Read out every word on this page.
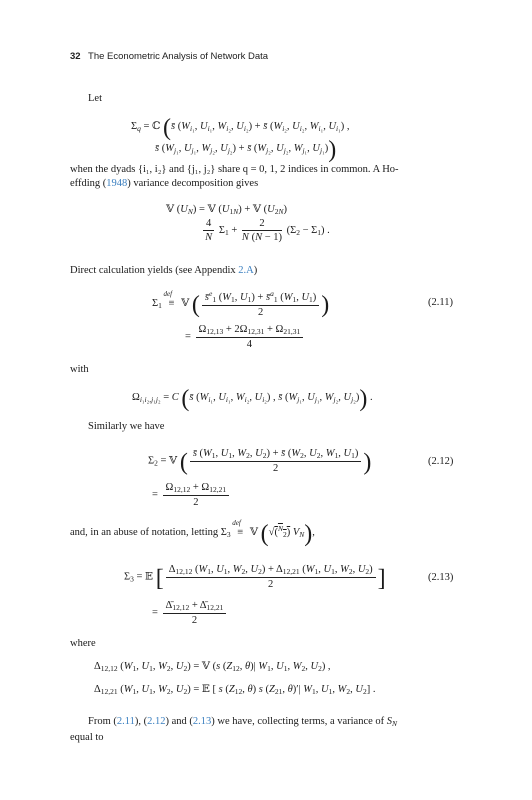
32 The Econometric Analysis of Network Data
Let
$\Sigma_q$ = ℂ (s̄ ($W_{i_1}$, $U_{i_1}$, $W_{i_2}$, $U_{i_2}$) + s̄ ($W_{i_2}$, $U_{i_2}$, $W_{i_1}$, $U_{i_1}$) ,
s̄ ($W_{j_1}$, $U_{j_1}$, $W_{j_2}$, $U_{j_2}$) + s̄ ($W_{j_2}$, $U_{j_2}$, $W_{j_1}$, $U_{j_1}$))
when the dyads {i₁, i₂} and {j₁, j₂} share q = 0, 1, 2 indices in common. A Ho-
effding (1948) variance decomposition gives
𝕍 $(U_N)$ = 𝕍 $(U_{1N})$ + 𝕍 $(U_{2N})$
$\frac{4}{N} \Sigma_1 + \frac{2}{N (N - 1)} (\Sigma_2 - \Sigma_1)$ .
Direct calculation yields (see Appendix 2.A)
$\Sigma_1$
def
≡ 𝕍 ( $\frac{s̄^e_1 (W_1, U_1) + s̄^a_1 (W_1, U_1)}{2}$ )	(2.11)
= $\frac{\Omega_{12,13} + 2\Omega_{12,31} + \Omega_{21,31}}{4}$
with
$\Omega_{i_1i_2,j_1j_2} = C$ (s̄ ($W_{i_1}$, $U_{i_1}$, $W_{i_2}$, $U_{i_2}$) , s̄ ($W_{j_1}$, $U_{j_1}$, $W_{j_2}$, $U_{j_2}$)) .
Similarly we have
$\Sigma_2$ = 𝕍 ( $\frac{s̄ (W_1, U_1, W_2, U_2) + s̄ (W_2, U_2, W_1, U_1)}{2}$ )	(2.12)
= $\frac{\Omega_{12,12} + \Omega_{12,21}}{2}$
and, in an abuse of notation, letting $\Sigma_3$
def
≡ 𝕍 (√($^N_2$) $V_N$),
$\Sigma_3$ = 𝔼 [ $\frac{\Delta_{12,12} (W_1, U_1, W_2, U_2) + \Delta_{12,21} (W_1, U_1, W_2, U_2)}{2}$ ]	(2.13)
= $\frac{\Deltā_{12,12} + \Deltā_{12,21}}{2}$
where
$\Delta_{12,12}$ ($W_1$, $U_1$, $W_2$, $U_2$) = 𝕍 (s ($Z_{12}$, θ)| $W_1$, $U_1$, $W_2$, $U_2$) ,
$\Delta_{12,21}$ ($W_1$, $U_1$, $W_2$, $U_2$) = 𝔼 [ s ($Z_{12}$, θ) s ($Z_{21}$, θ)′| $W_1$, $U_1$, $W_2$, $U_2$] .
From (2.11), (2.12) and (2.13) we have, collecting terms, a variance of $S_N$
equal to
